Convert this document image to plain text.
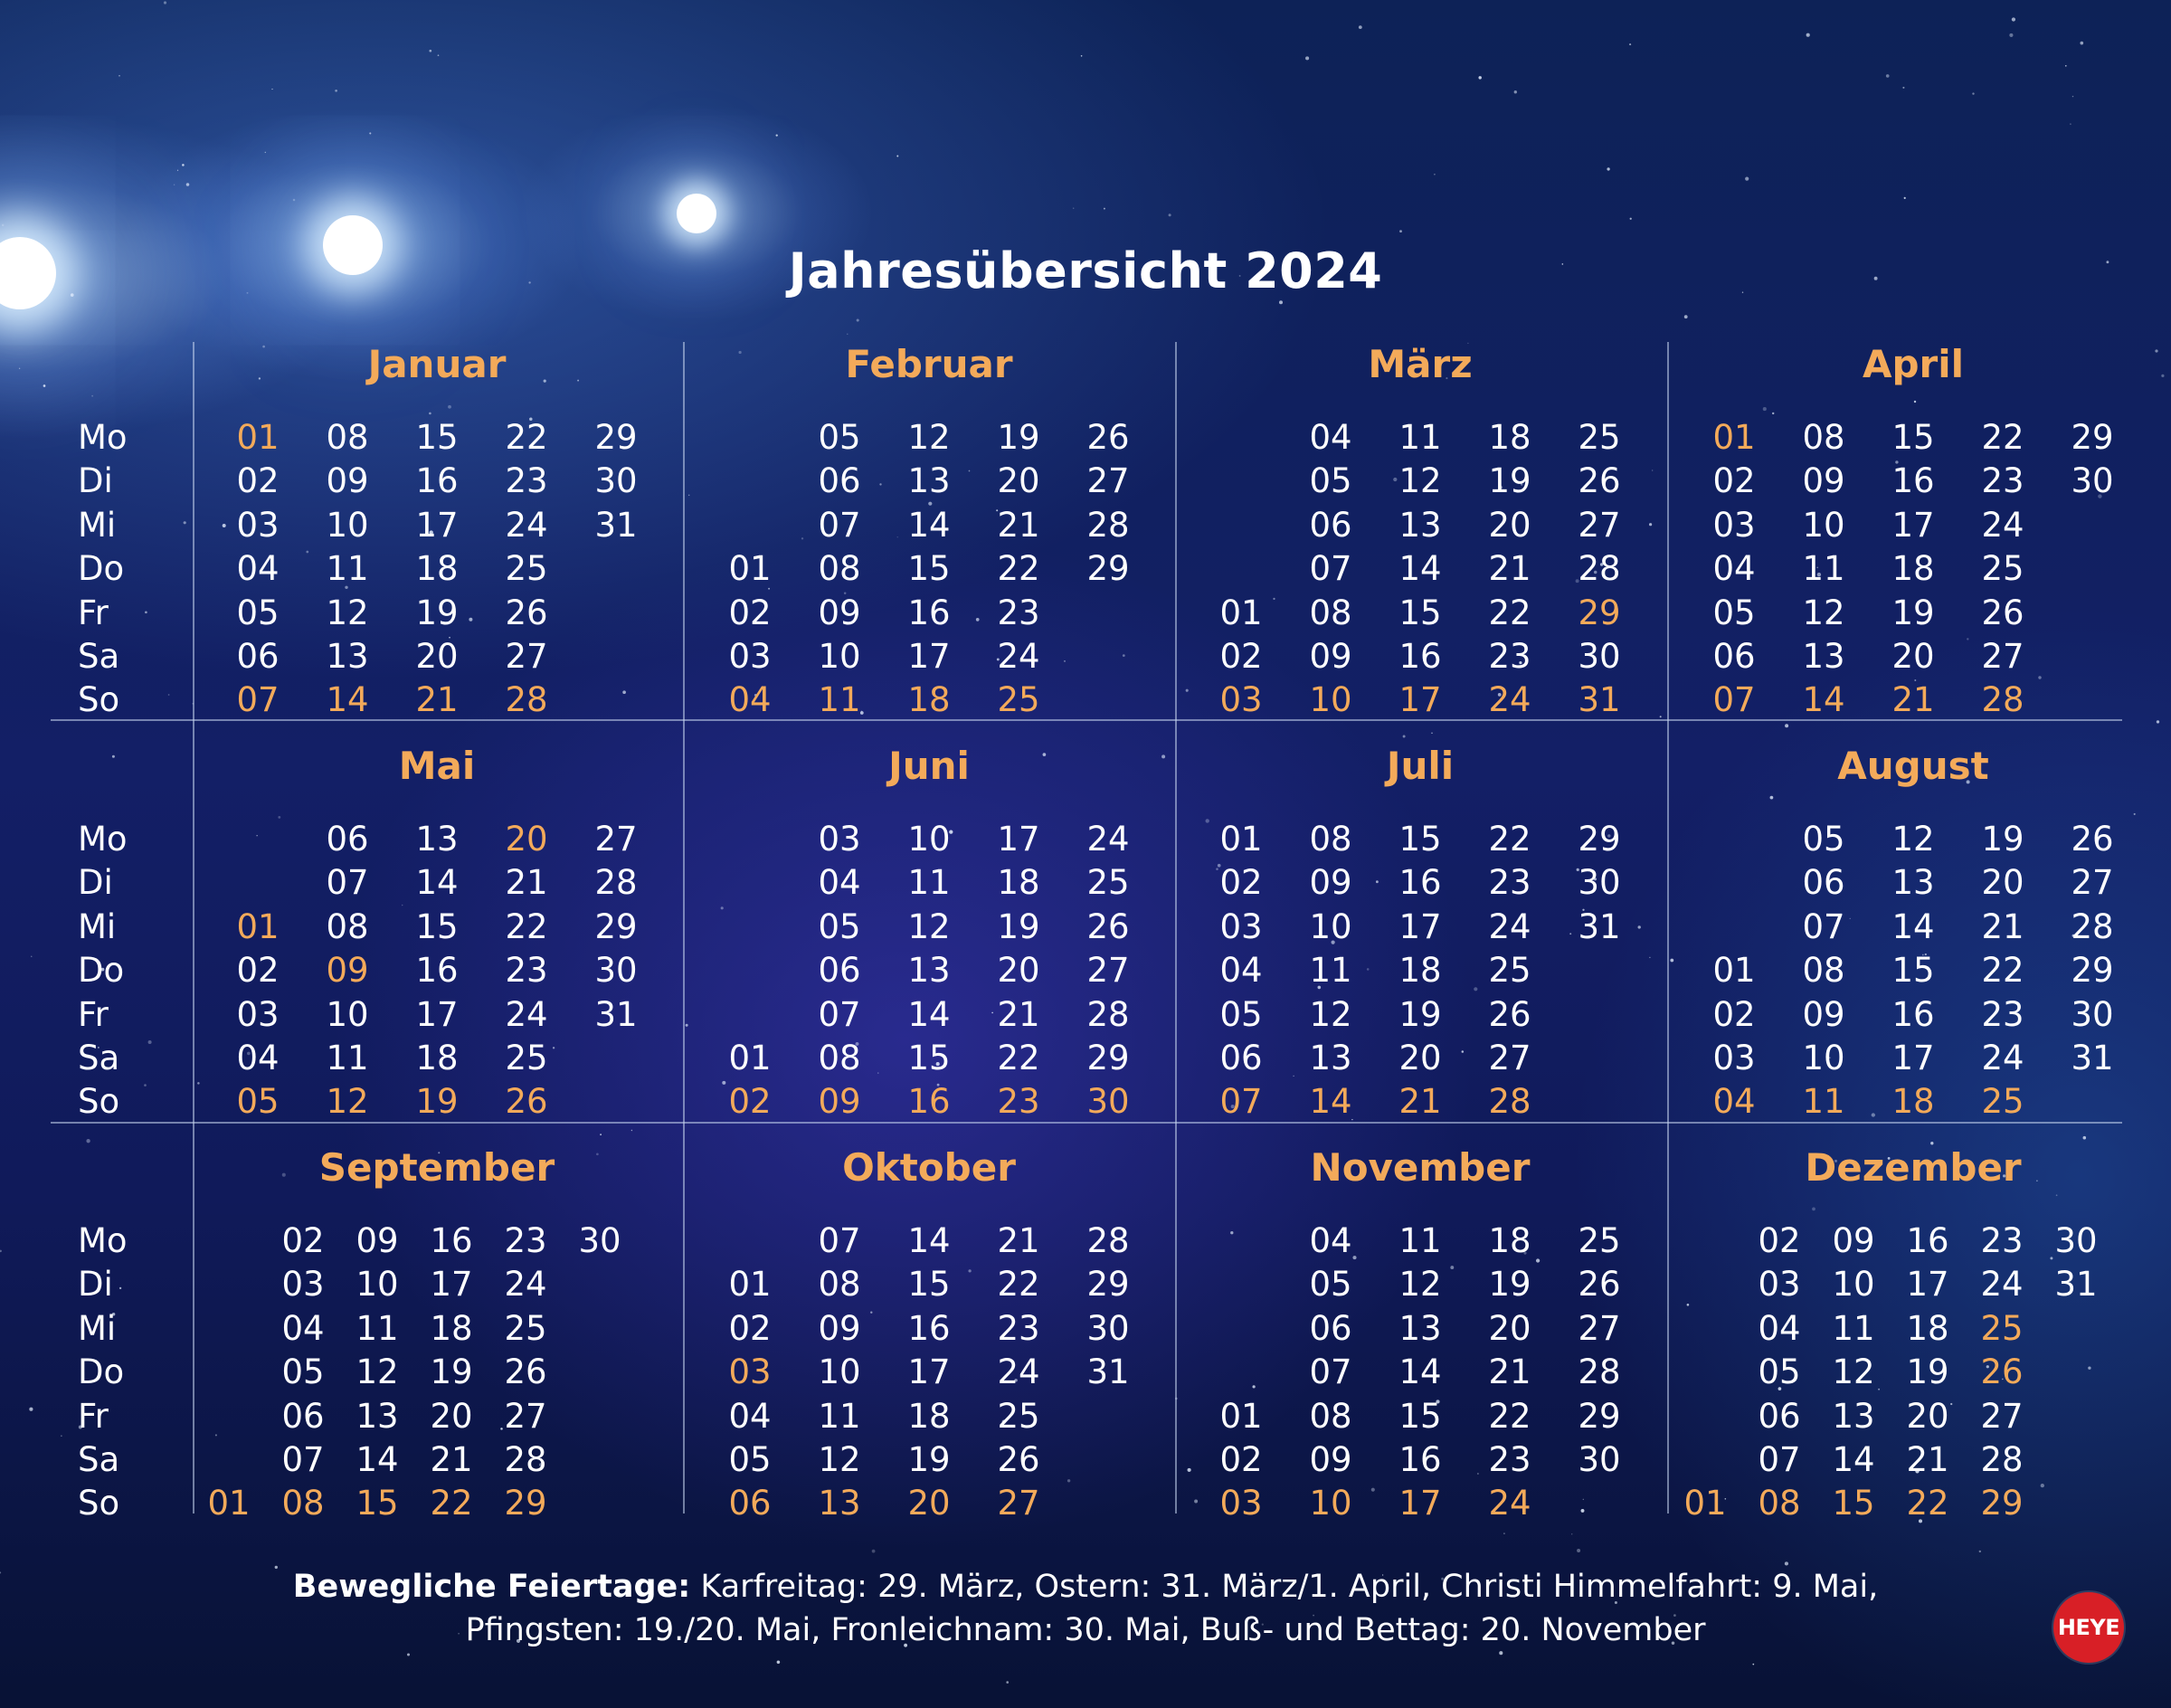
Jahresübersicht 2024
Januar
01
02
03
04
05
06
07
08
09
10
11
12
13
14
15
16
17
18
19
20
21
22
23
24
25
26
27
28
29
30
31
Februar
01
02
03
04
05
06
07
08
09
10
11
12
13
14
15
16
17
18
19
20
21
22
23
24
25
26
27
28
29
März
01
02
03
04
05
06
07
08
09
10
11
12
13
14
15
16
17
18
19
20
21
22
23
24
25
26
27
28
29
30
31
April
01
02
03
04
05
06
07
08
09
10
11
12
13
14
15
16
17
18
19
20
21
22
23
24
25
26
27
28
29
30
Mai
01
02
03
04
05
06
07
08
09
10
11
12
13
14
15
16
17
18
19
20
21
22
23
24
25
26
27
28
29
30
31
Juni
01
02
03
04
05
06
07
08
09
10
11
12
13
14
15
16
17
18
19
20
21
22
23
24
25
26
27
28
29
30
Juli
01
02
03
04
05
06
07
08
09
10
11
12
13
14
15
16
17
18
19
20
21
22
23
24
25
26
27
28
29
30
31
August
01
02
03
04
05
06
07
08
09
10
11
12
13
14
15
16
17
18
19
20
21
22
23
24
25
26
27
28
29
30
31
September
01
02
03
04
05
06
07
08
09
10
11
12
13
14
15
16
17
18
19
20
21
22
23
24
25
26
27
28
29
30
Oktober
01
02
03
04
05
06
07
08
09
10
11
12
13
14
15
16
17
18
19
20
21
22
23
24
25
26
27
28
29
30
31
November
01
02
03
04
05
06
07
08
09
10
11
12
13
14
15
16
17
18
19
20
21
22
23
24
25
26
27
28
29
30
Dezember
01
02
03
04
05
06
07
08
09
10
11
12
13
14
15
16
17
18
19
20
21
22
23
24
25
26
27
28
29
30
31
Bewegliche Feiertage: Karfreitag: 29. März, Ostern: 31. März/1. April, Christi Himmelfahrt: 9. Mai,
Pfingsten: 19./20. Mai, Fronleichnam: 30. Mai, Buß- und Bettag: 20. November	HEYE
Mo
Di
Mi
Do
Fr
Sa
So
Mo
Di
Mi
Do
Fr
Sa
So
Mo
Di
Mi
Do
Fr
Sa
So
